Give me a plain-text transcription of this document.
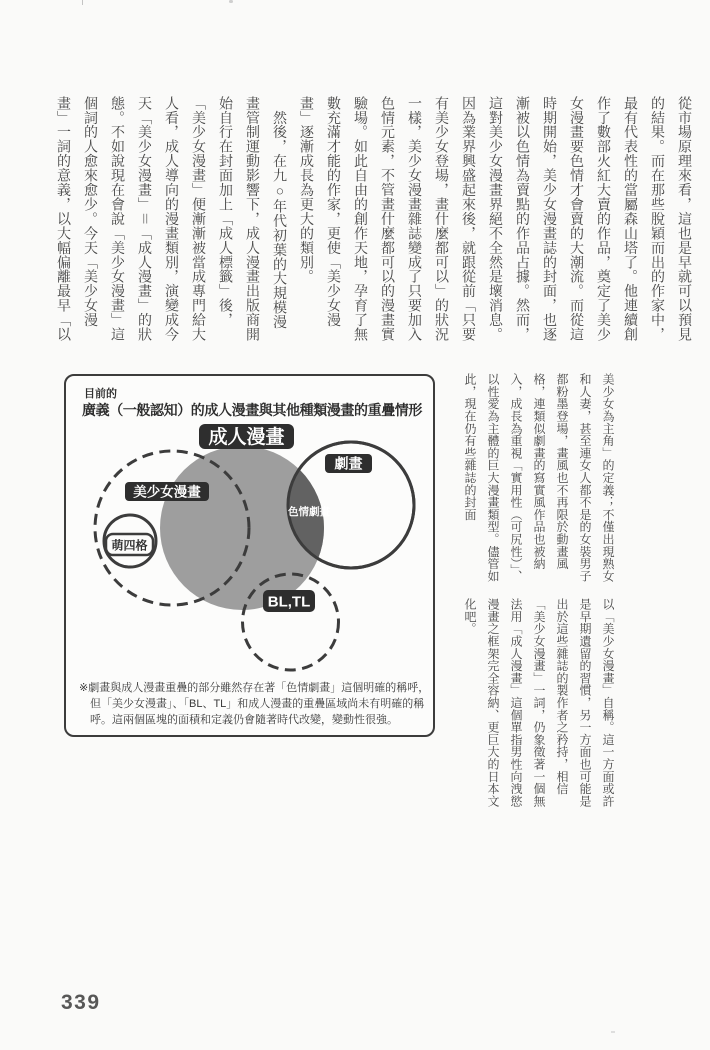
從市場原理來看，這也是早就可以預見的結果。而在那些脫穎而出的作家中，最有代表性的當屬森山塔了。他連續創作了數部火紅大賣的作品，奠定了美少女漫畫要色情才會賣的大潮流。而從這時期開始，美少女漫畫誌的封面，也逐漸被以色情為賣點的作品占據。然而，這對美少女漫畫界絕不全然是壞消息。因為業界興盛起來後，就跟從前「只要有美少女登場，畫什麼都可以」的狀況一樣，美少女漫畫雜誌變成了只要加入色情元素，不管畫什麼都可以的漫畫實驗場。如此自由的創作天地，孕育了無數充滿才能的作家，更使「美少女漫畫」逐漸成長為更大的類別。

　然後，在九○年代初葉的大規模漫畫管制運動影響下，成人漫畫出版商開始自行在封面加上「成人標籤」後，「美少女漫畫」便漸漸被當成專門給大人看，成人導向的漫畫類別，演變成今天「美少女漫畫」＝「成人漫畫」的狀態。不如說現在會說「美少女漫畫」這個詞的人愈來愈少。今天「美少女漫畫」一詞的意義，以大幅偏離最早「以

美少女為主角」的定義；不僅出現熟女和人妻，甚至連女人都不是的女裝男子都粉墨登場，畫風也不再限於動畫風格，連類似劇畫的寫實風作品也被納入，成長為重視「實用性（可尻性）」、以性愛為主體的巨大漫畫類型。儘管如此，現在仍有些雜誌的封面

以「美少女漫畫」自稱。這一方面或許是早期遺留的習慣，另一方面也可能是出於這些雜誌的製作者之矜持，相信「美少女漫畫」一詞，仍象徵著一個無法用「成人漫畫」這個單指男性向洩慾漫畫之框架完全容納、更巨大的日本文化吧。

成人漫畫
劇畫
美少女漫畫
色情劇畫
萌四格
BL,TL
目前的
廣義（一般認知）的成人漫畫與其他種類漫畫的重疊情形
※劇畫與成人漫畫重疊的部分雖然存在著「色情劇畫」這個明確的稱呼，
但「美少女漫畫」、「BL、TL」和成人漫畫的重疊區域尚未有明確的稱
呼。這兩個區塊的面積和定義仍會隨著時代改變，變動性很強。
339
